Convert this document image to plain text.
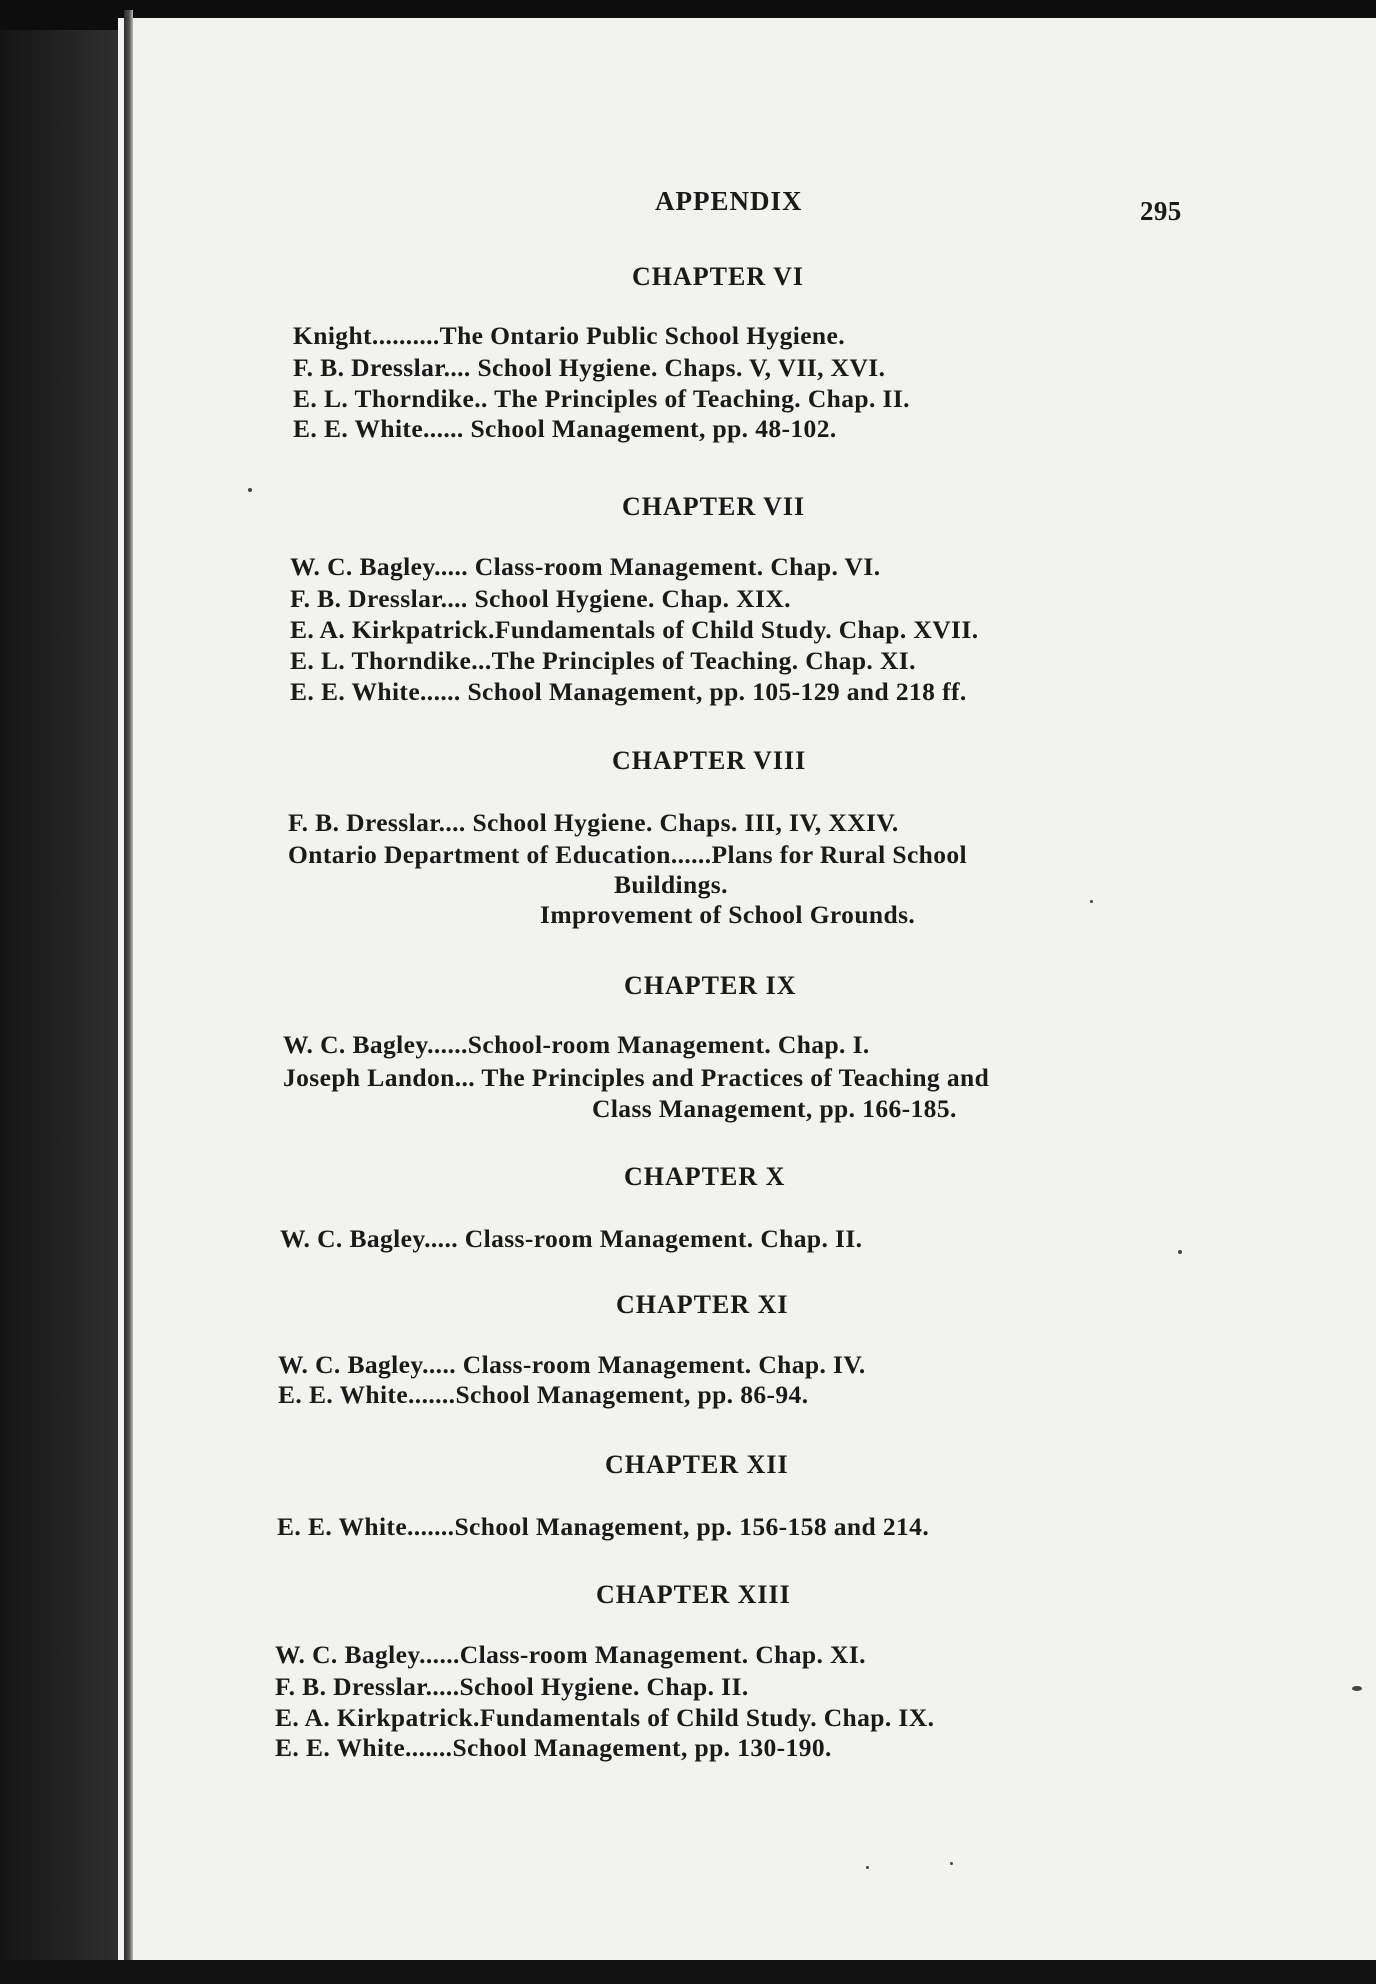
APPENDIX	295
CHAPTER VI
Knight..........The Ontario Public School Hygiene.
F. B. Dresslar.... School Hygiene. Chaps. V, VII, XVI.
E. L. Thorndike.. The Principles of Teaching. Chap. II.
E. E. White...... School Management, pp. 48-102.
CHAPTER VII
W. C. Bagley..... Class-room Management. Chap. VI.
F. B. Dresslar.... School Hygiene. Chap. XIX.
E. A. Kirkpatrick.Fundamentals of Child Study. Chap. XVII.
E. L. Thorndike...The Principles of Teaching. Chap. XI.
E. E. White...... School Management, pp. 105-129 and 218 ff.
CHAPTER VIII
F. B. Dresslar.... School Hygiene. Chaps. III, IV, XXIV.
Ontario Department of Education......Plans for Rural School
Buildings.
Improvement of School Grounds.
CHAPTER IX
W. C. Bagley......School-room Management. Chap. I.
Joseph Landon... The Principles and Practices of Teaching and
Class Management, pp. 166-185.
CHAPTER X
W. C. Bagley..... Class-room Management. Chap. II.
CHAPTER XI
W. C. Bagley..... Class-room Management. Chap. IV.
E. E. White.......School Management, pp. 86-94.
CHAPTER XII
E. E. White.......School Management, pp. 156-158 and 214.
CHAPTER XIII
W. C. Bagley......Class-room Management. Chap. XI.
F. B. Dresslar.....School Hygiene. Chap. II.
E. A. Kirkpatrick.Fundamentals of Child Study. Chap. IX.
E. E. White.......School Management, pp. 130-190.
